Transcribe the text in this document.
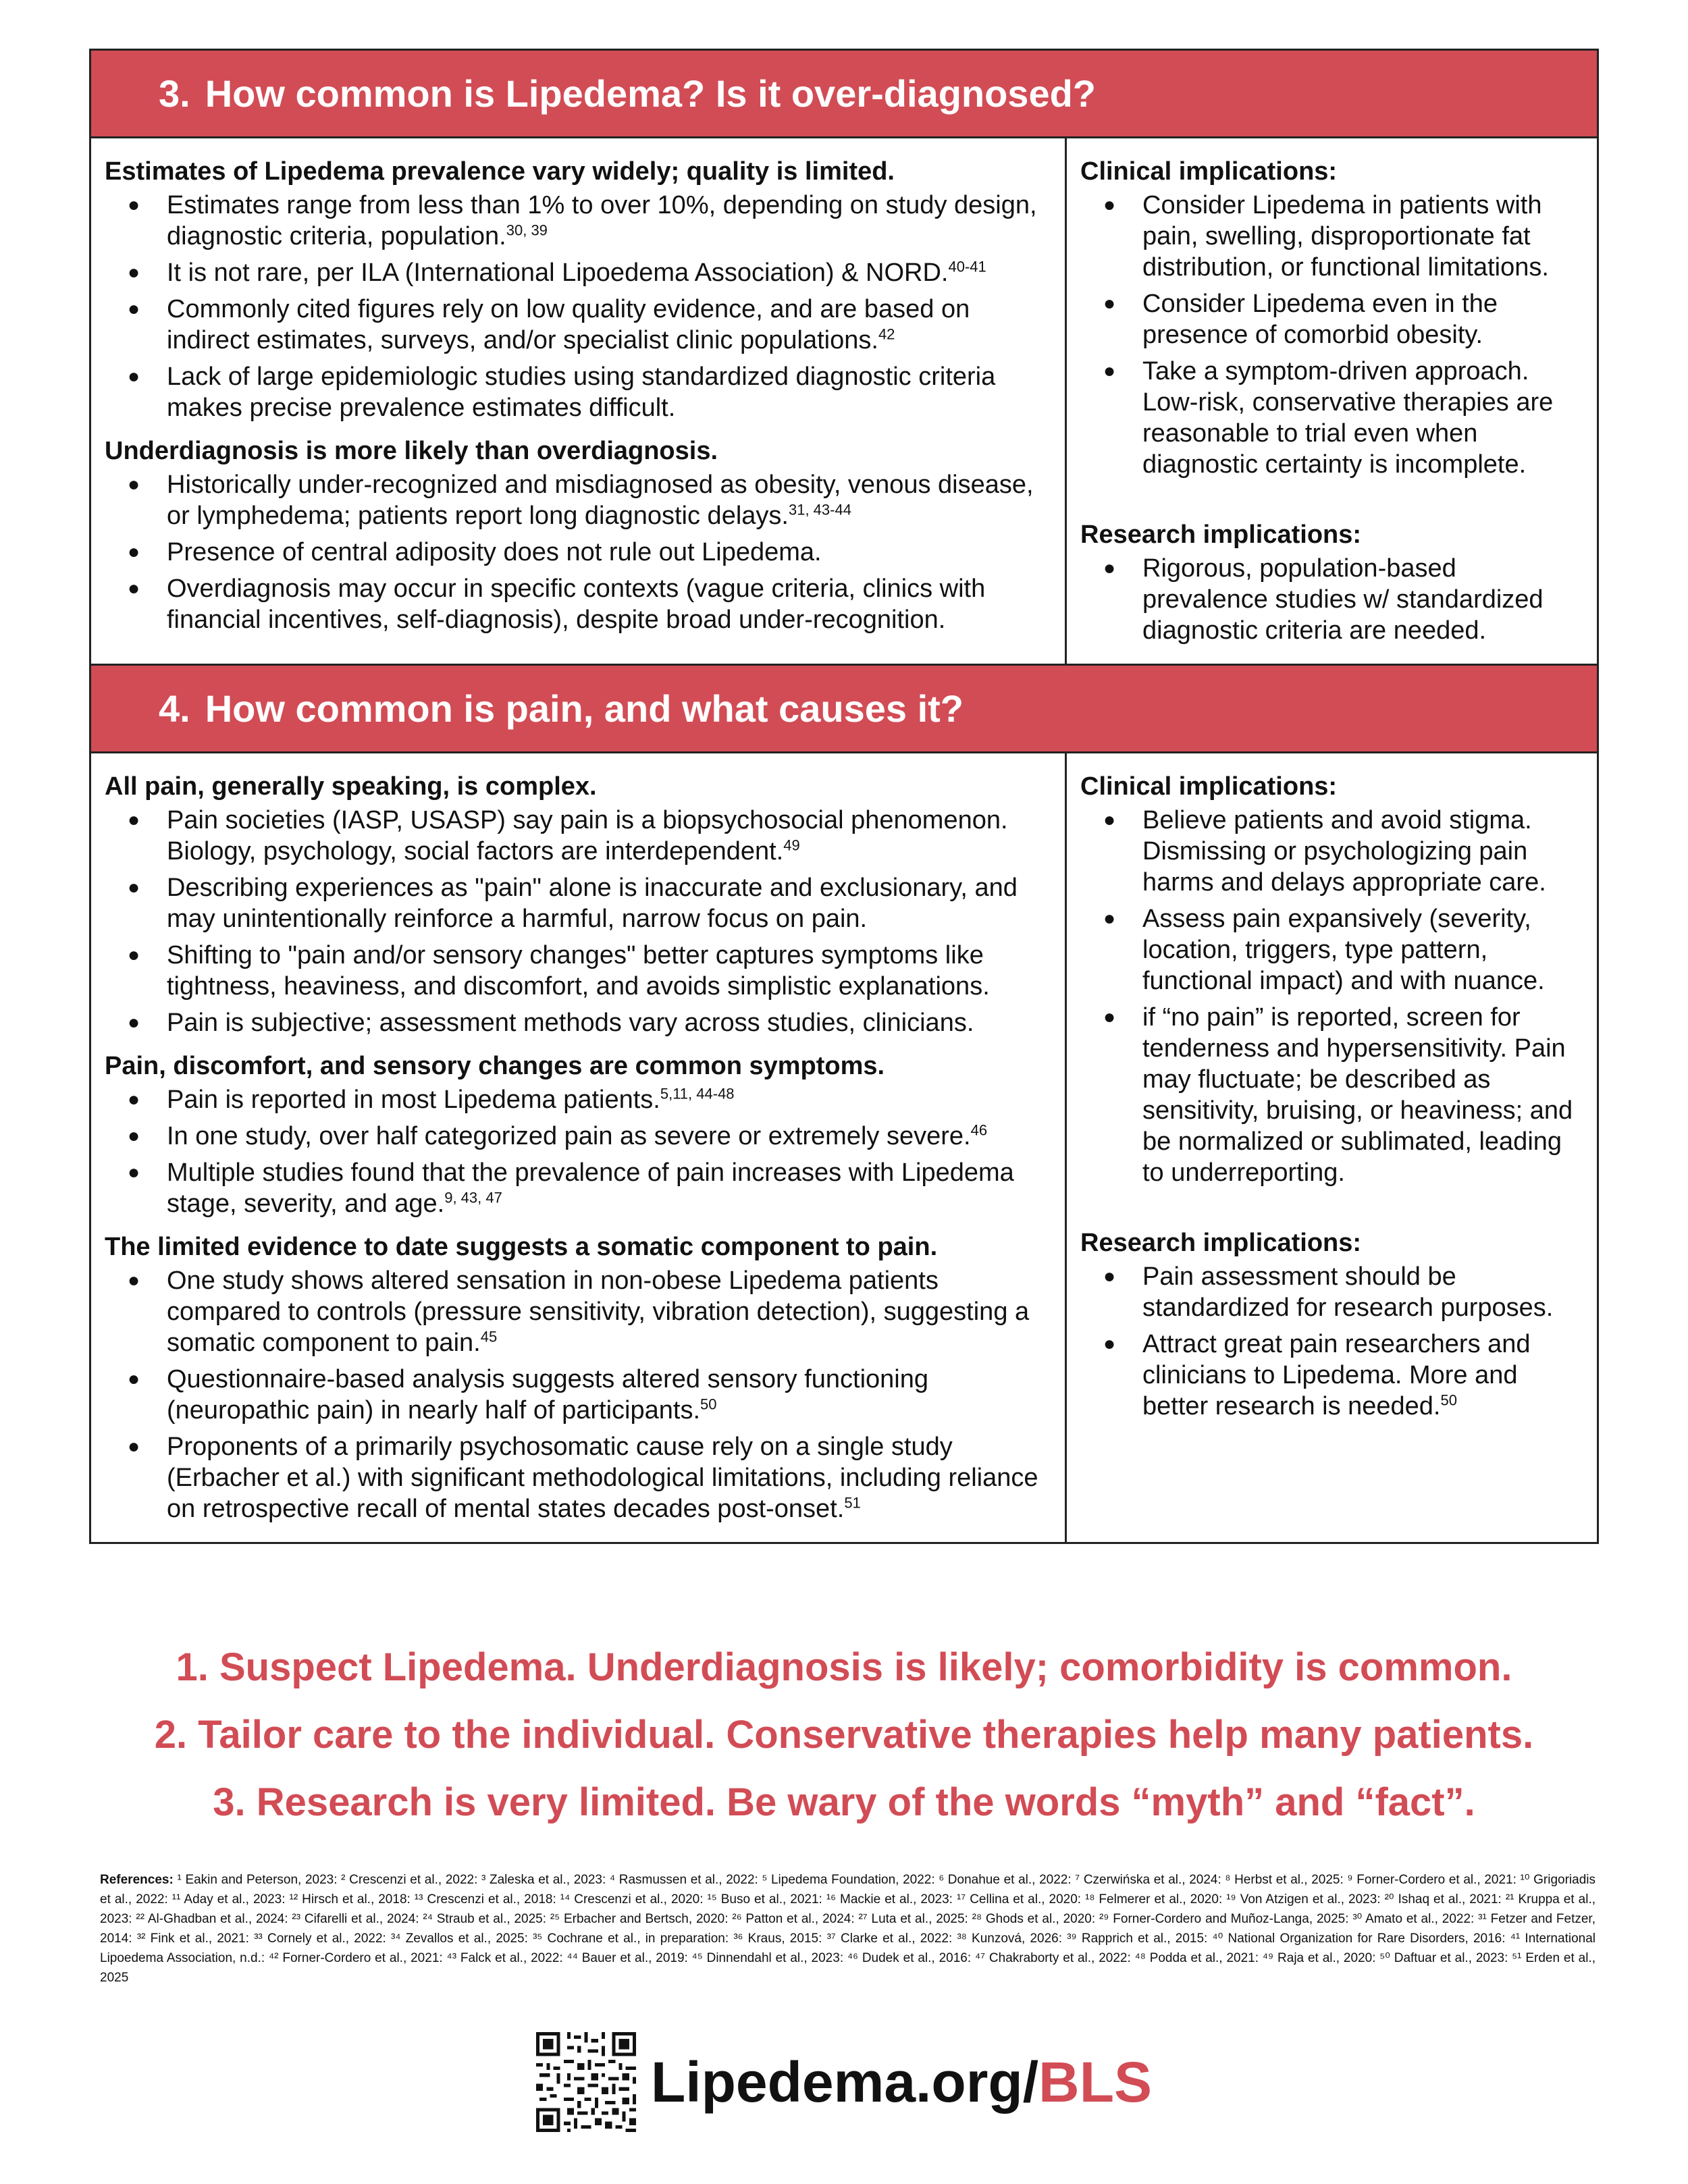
3. How common is Lipedema? Is it over-diagnosed?

Estimates of Lipedema prevalence vary widely; quality is limited.

● Estimates range from less than 1% to over 10%, depending on study design, diagnostic criteria, population.$^{30, 39}$
● It is not rare, per ILA (International Lipoedema Association) & NORD.$^{40-41}$
● Commonly cited figures rely on low quality evidence, and are based on indirect estimates, surveys, and/or specialist clinic populations.$^{42}$
● Lack of large epidemiologic studies using standardized diagnostic criteria makes precise prevalence estimates difficult.

Underdiagnosis is more likely than overdiagnosis.

● Historically under-recognized and misdiagnosed as obesity, venous disease, or lymphedema; patients report long diagnostic delays.$^{31, 43-44}$
● Presence of central adiposity does not rule out Lipedema.
● Overdiagnosis may occur in specific contexts (vague criteria, clinics with financial incentives, self-diagnosis), despite broad under-recognition.

Clinical implications:

● Consider Lipedema in patients with pain, swelling, disproportionate fat distribution, or functional limitations.
● Consider Lipedema even in the presence of comorbid obesity.
● Take a symptom-driven approach. Low-risk, conservative therapies are reasonable to trial even when diagnostic certainty is incomplete.

Research implications:

● Rigorous, population-based prevalence studies w/ standardized diagnostic criteria are needed.
4. How common is pain, and what causes it?

All pain, generally speaking, is complex.

● Pain societies (IASP, USASP) say pain is a biopsychosocial phenomenon. Biology, psychology, social factors are interdependent.$^{49}$
● Describing experiences as "pain" alone is inaccurate and exclusionary, and may unintentionally reinforce a harmful, narrow focus on pain.
● Shifting to "pain and/or sensory changes" better captures symptoms like tightness, heaviness, and discomfort, and avoids simplistic explanations.
● Pain is subjective; assessment methods vary across studies, clinicians.

Pain, discomfort, and sensory changes are common symptoms.

● Pain is reported in most Lipedema patients.$^{5,11, 44-48}$
● In one study, over half categorized pain as severe or extremely severe.$^{46}$
● Multiple studies found that the prevalence of pain increases with Lipedema stage, severity, and age.$^{9, 43, 47}$

The limited evidence to date suggests a somatic component to pain.

● One study shows altered sensation in non-obese Lipedema patients compared to controls (pressure sensitivity, vibration detection), suggesting a somatic component to pain.$^{45}$
● Questionnaire-based analysis suggests altered sensory functioning (neuropathic pain) in nearly half of participants.$^{50}$
● Proponents of a primarily psychosomatic cause rely on a single study (Erbacher et al.) with significant methodological limitations, including reliance on retrospective recall of mental states decades post-onset.$^{51}$

Clinical implications:

● Believe patients and avoid stigma. Dismissing or psychologizing pain harms and delays appropriate care.
● Assess pain expansively (severity, location, triggers, type pattern, functional impact) and with nuance.
● if “no pain” is reported, screen for tenderness and hypersensitivity. Pain may fluctuate; be described as sensitivity, bruising, or heaviness; and be normalized or sublimated, leading to underreporting.

Research implications:

● Pain assessment should be standardized for research purposes.
● Attract great pain researchers and clinicians to Lipedema. More and better research is needed.$^{50}$
1. Suspect Lipedema. Underdiagnosis is likely; comorbidity is common.
2. Tailor care to the individual. Conservative therapies help many patients.
3. Research is very limited. Be wary of the words “myth” and “fact”.
References: ¹ Eakin and Peterson, 2023: ² Crescenzi et al., 2022: ³ Zaleska et al., 2023: ⁴ Rasmussen et al., 2022: ⁵ Lipedema Foundation, 2022: ⁶ Donahue et al., 2022: ⁷ Czerwińska et al., 2024: ⁸ Herbst et al., 2025: ⁹ Forner-Cordero et al., 2021: ¹⁰ Grigoriadis et al., 2022: ¹¹ Aday et al., 2023: ¹² Hirsch et al., 2018: ¹³ Crescenzi et al., 2018: ¹⁴ Crescenzi et al., 2020: ¹⁵ Buso et al., 2021: ¹⁶ Mackie et al., 2023: ¹⁷ Cellina et al., 2020: ¹⁸ Felmerer et al., 2020: ¹⁹ Von Atzigen et al., 2023: ²⁰ Ishaq et al., 2021: ²¹ Kruppa et al., 2023: ²² Al-Ghadban et al., 2024: ²³ Cifarelli et al., 2024: ²⁴ Straub et al., 2025: ²⁵ Erbacher and Bertsch, 2020: ²⁶ Patton et al., 2024: ²⁷ Luta et al., 2025: ²⁸ Ghods et al., 2020: ²⁹ Forner-Cordero and Muñoz-Langa, 2025: ³⁰ Amato et al., 2022: ³¹ Fetzer and Fetzer, 2014: ³² Fink et al., 2021: ³³ Cornely et al., 2022: ³⁴ Zevallos et al., 2025: ³⁵ Cochrane et al., in preparation: ³⁶ Kraus, 2015: ³⁷ Clarke et al., 2022: ³⁸ Kunzová, 2026: ³⁹ Rapprich et al., 2015: ⁴⁰ National Organization for Rare Disorders, 2016: ⁴¹ International Lipoedema Association, n.d.: ⁴² Forner-Cordero et al., 2021: ⁴³ Falck et al., 2022: ⁴⁴ Bauer et al., 2019: ⁴⁵ Dinnendahl et al., 2023: ⁴⁶ Dudek et al., 2016: ⁴⁷ Chakraborty et al., 2022: ⁴⁸ Podda et al., 2021: ⁴⁹ Raja et al., 2020: ⁵⁰ Daftuar et al., 2023: ⁵¹ Erden et al., 2025
Lipedema.org/BLS
